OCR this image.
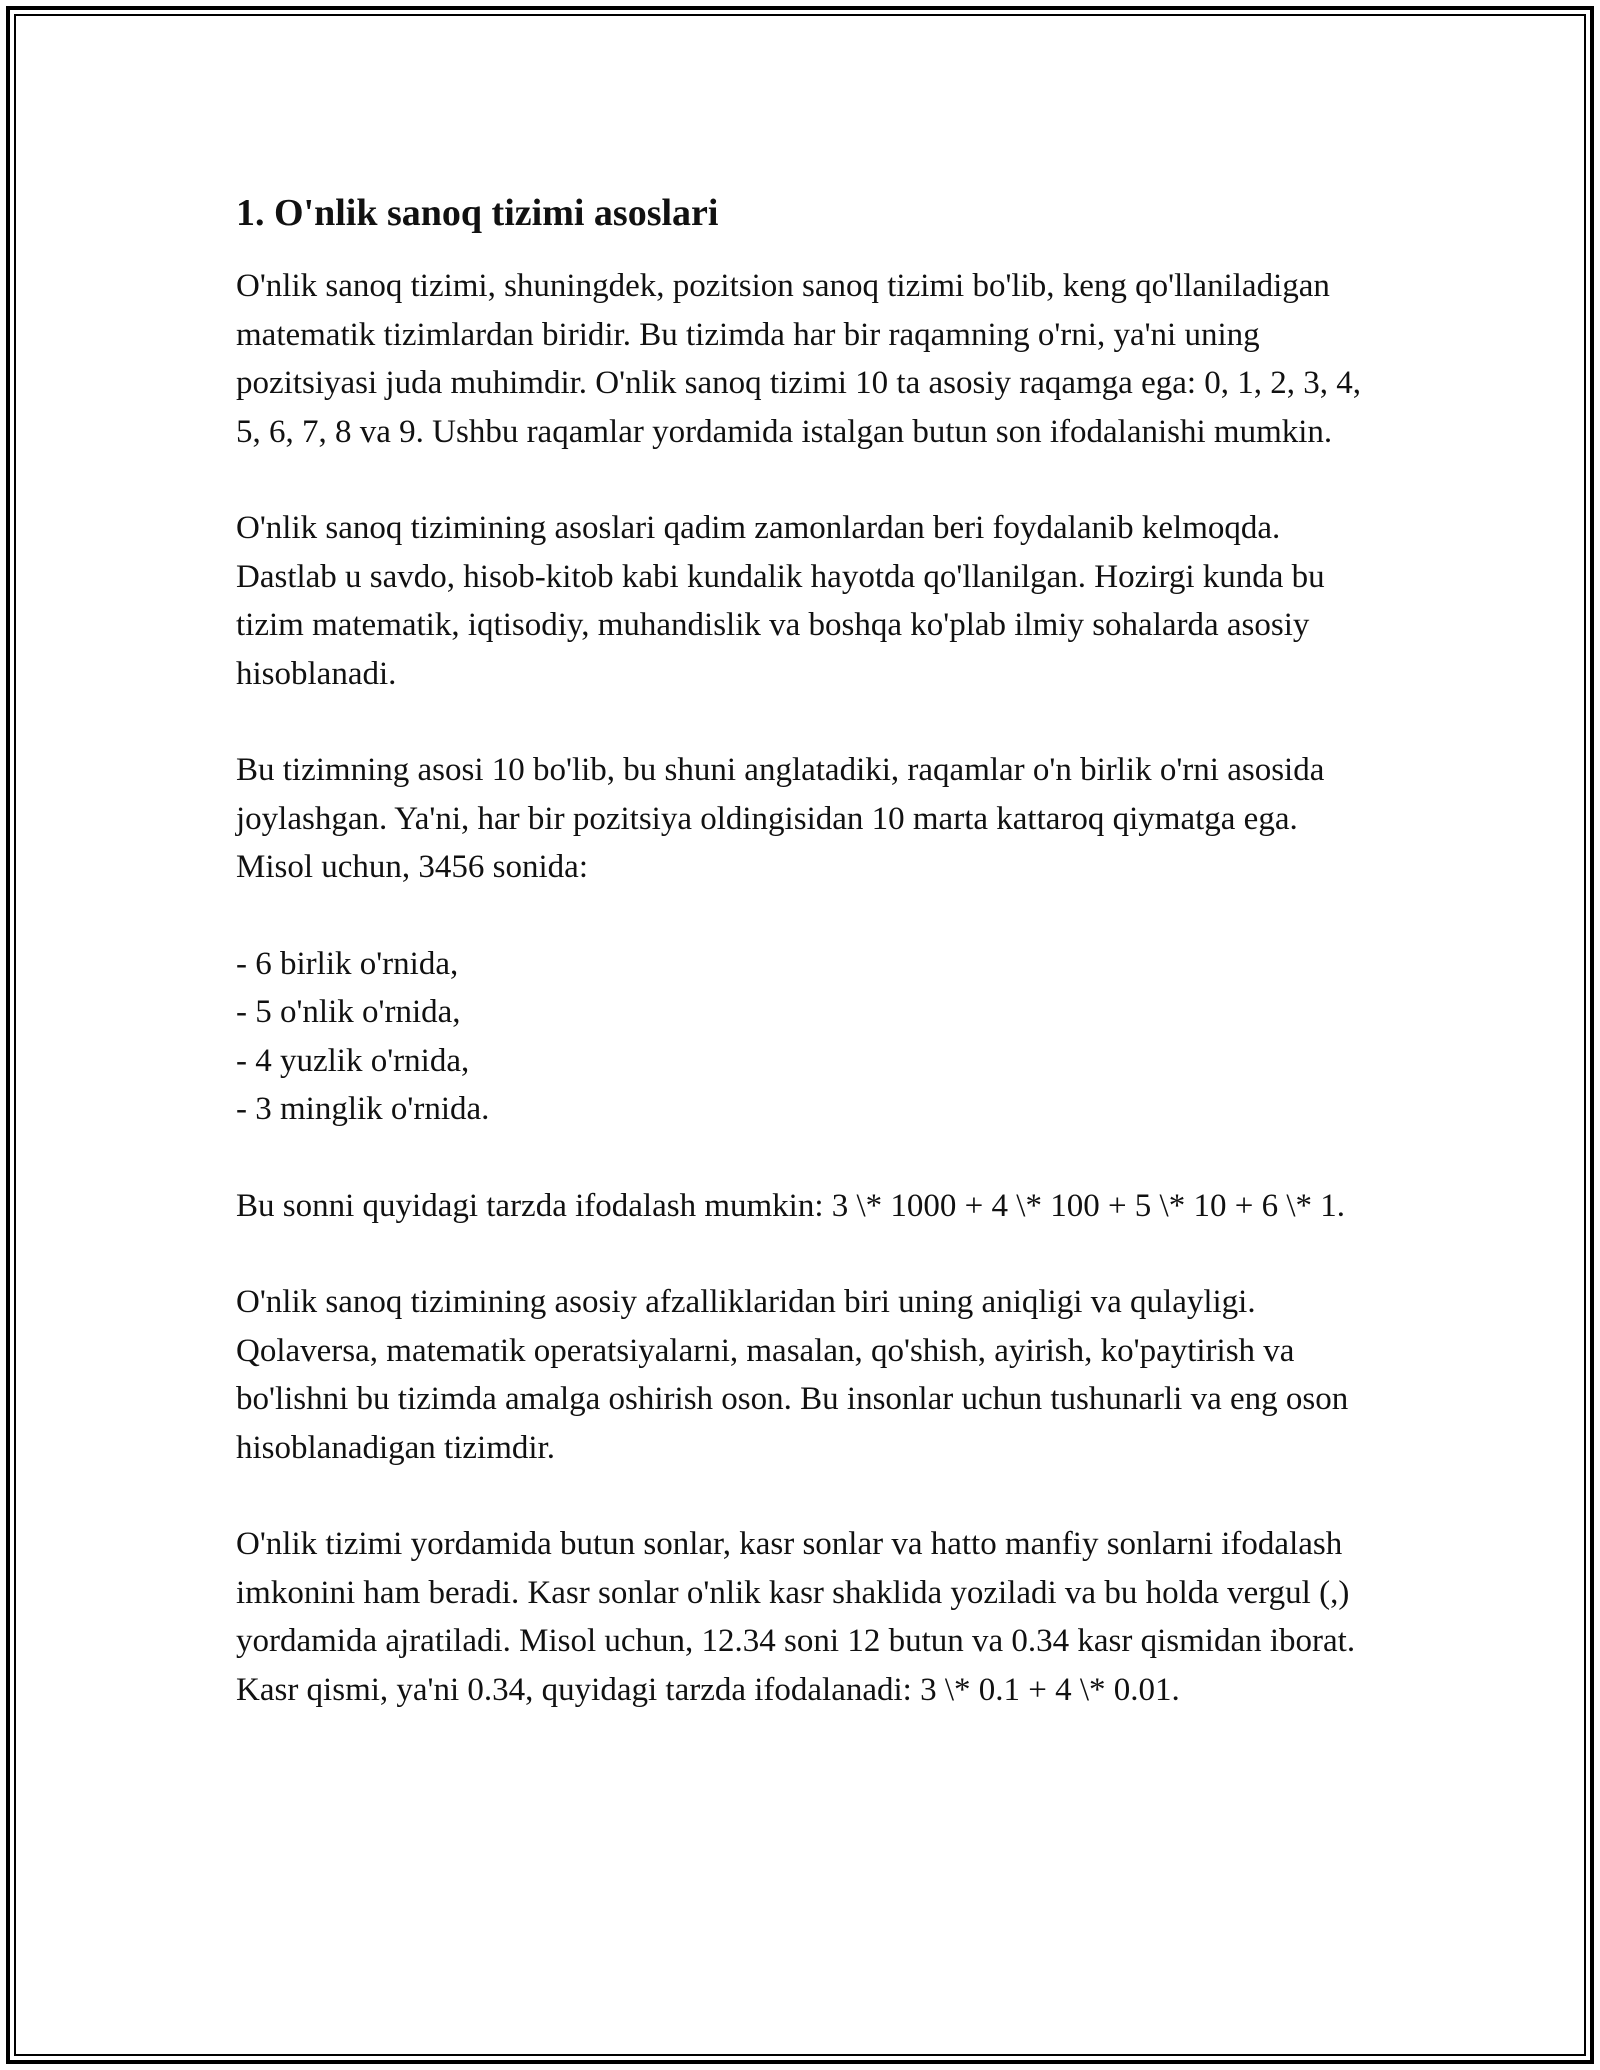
1. O'nlik sanoq tizimi asoslari

O'nlik sanoq tizimi, shuningdek, pozitsion sanoq tizimi bo'lib, keng qo'llaniladigan matematik tizimlardan biridir. Bu tizimda har bir raqamning o'rni, ya'ni uning pozitsiyasi juda muhimdir. O'nlik sanoq tizimi 10 ta asosiy raqamga ega: 0, 1, 2, 3, 4, 5, 6, 7, 8 va 9. Ushbu raqamlar yordamida istalgan butun son ifodalanishi mumkin.

O'nlik sanoq tizimining asoslari qadim zamonlardan beri foydalanib kelmoqda. Dastlab u savdo, hisob-kitob kabi kundalik hayotda qo'llanilgan. Hozirgi kunda bu tizim matematik, iqtisodiy, muhandislik va boshqa ko'plab ilmiy sohalarda asosiy hisoblanadi.

Bu tizimning asosi 10 bo'lib, bu shuni anglatadiki, raqamlar o'n birlik o'rni asosida joylashgan. Ya'ni, har bir pozitsiya oldingisidan 10 marta kattaroq qiymatga ega. Misol uchun, 3456 sonida:

- 6 birlik o'rnida,
- 5 o'nlik o'rnida,
- 4 yuzlik o'rnida,
- 3 minglik o'rnida.

Bu sonni quyidagi tarzda ifodalash mumkin: 3 \* 1000 + 4 \* 100 + 5 \* 10 + 6 \* 1.

O'nlik sanoq tizimining asosiy afzalliklaridan biri uning aniqligi va qulayligi. Qolaversa, matematik operatsiyalarni, masalan, qo'shish, ayirish, ko'paytirish va bo'lishni bu tizimda amalga oshirish oson. Bu insonlar uchun tushunarli va eng oson hisoblanadigan tizimdir.

O'nlik tizimi yordamida butun sonlar, kasr sonlar va hatto manfiy sonlarni ifodalash imkonini ham beradi. Kasr sonlar o'nlik kasr shaklida yoziladi va bu holda vergul (,) yordamida ajratiladi. Misol uchun, 12.34 soni 12 butun va 0.34 kasr qismidan iborat. Kasr qismi, ya'ni 0.34, quyidagi tarzda ifodalanadi: 3 \* 0.1 + 4 \* 0.01.
